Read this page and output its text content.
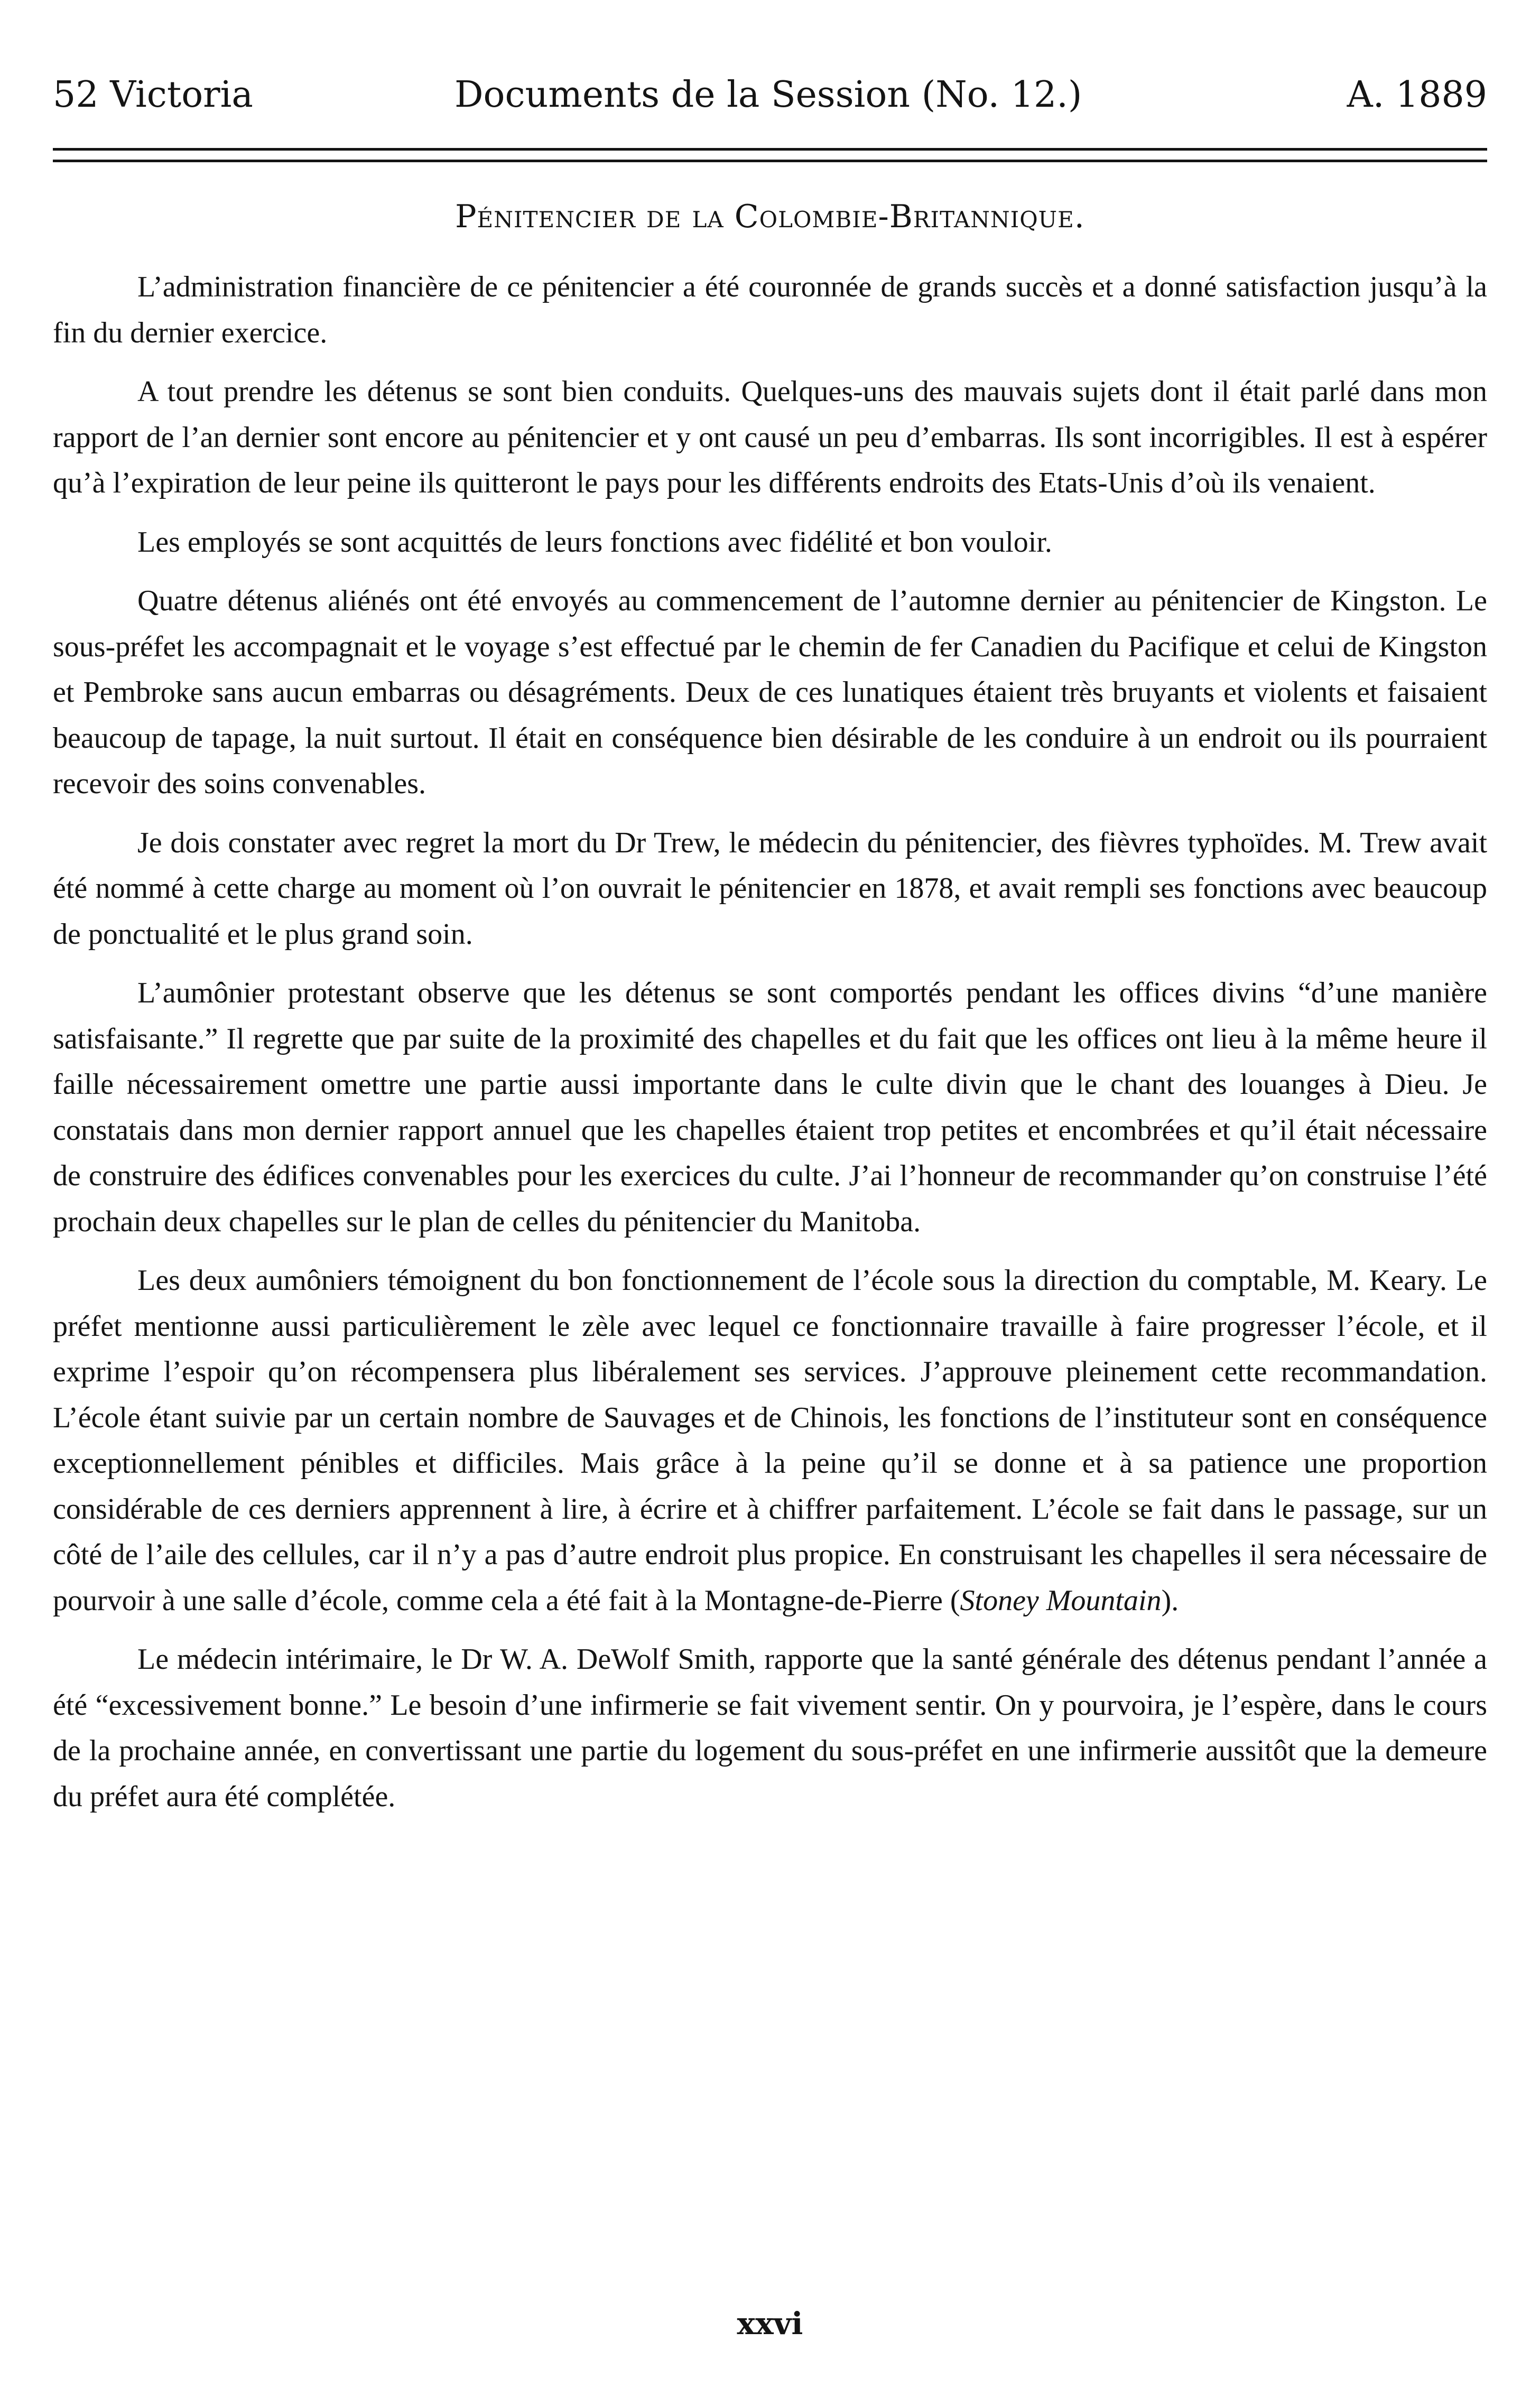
52 Victoria	Documents de la Session (No. 12.)	A. 1889
Pénitencier de la Colombie-Britannique.

L’administration financière de ce pénitencier a été couronnée de grands succès et a donné satisfaction jusqu’à la fin du dernier exercice.

A tout prendre les détenus se sont bien conduits. Quelques-uns des mauvais sujets dont il était parlé dans mon rapport de l’an dernier sont encore au pénitencier et y ont causé un peu d’embarras. Ils sont incorrigibles. Il est à espérer qu’à l’expiration de leur peine ils quitteront le pays pour les différents endroits des Etats-Unis d’où ils venaient.

Les employés se sont acquittés de leurs fonctions avec fidélité et bon vouloir.

Quatre détenus aliénés ont été envoyés au commencement de l’automne dernier au pénitencier de Kingston. Le sous-préfet les accompagnait et le voyage s’est effectué par le chemin de fer Canadien du Pacifique et celui de Kingston et Pembroke sans aucun embarras ou désagréments. Deux de ces lunatiques étaient très bruyants et violents et faisaient beaucoup de tapage, la nuit surtout. Il était en conséquence bien désirable de les conduire à un endroit ou ils pourraient recevoir des soins convenables.

Je dois constater avec regret la mort du Dr Trew, le médecin du pénitencier, des fièvres typhoïdes. M. Trew avait été nommé à cette charge au moment où l’on ouvrait le pénitencier en 1878, et avait rempli ses fonctions avec beaucoup de ponctualité et le plus grand soin.

L’aumônier protestant observe que les détenus se sont comportés pendant les offices divins “d’une manière satisfaisante.” Il regrette que par suite de la proximité des chapelles et du fait que les offices ont lieu à la même heure il faille nécessairement omettre une partie aussi importante dans le culte divin que le chant des louanges à Dieu. Je constatais dans mon dernier rapport annuel que les chapelles étaient trop petites et encombrées et qu’il était nécessaire de construire des édifices convenables pour les exercices du culte. J’ai l’honneur de recommander qu’on construise l’été prochain deux chapelles sur le plan de celles du pénitencier du Manitoba.

Les deux aumôniers témoignent du bon fonctionnement de l’école sous la direction du comptable, M. Keary. Le préfet mentionne aussi particulièrement le zèle avec lequel ce fonctionnaire travaille à faire progresser l’école, et il exprime l’espoir qu’on récompensera plus libéralement ses services. J’approuve pleinement cette recommandation. L’école étant suivie par un certain nombre de Sauvages et de Chinois, les fonctions de l’instituteur sont en conséquence exceptionnellement pénibles et difficiles. Mais grâce à la peine qu’il se donne et à sa patience une proportion considérable de ces derniers apprennent à lire, à écrire et à chiffrer parfaitement. L’école se fait dans le passage, sur un côté de l’aile des cellules, car il n’y a pas d’autre endroit plus propice. En construisant les chapelles il sera nécessaire de pourvoir à une salle d’école, comme cela a été fait à la Montagne-de-Pierre (Stoney Mountain).

Le médecin intérimaire, le Dr W. A. DeWolf Smith, rapporte que la santé générale des détenus pendant l’année a été “excessivement bonne.” Le besoin d’une infirmerie se fait vivement sentir. On y pourvoira, je l’espère, dans le cours de la prochaine année, en convertissant une partie du logement du sous-préfet en une infirmerie aussitôt que la demeure du préfet aura été complétée.

xxvi
